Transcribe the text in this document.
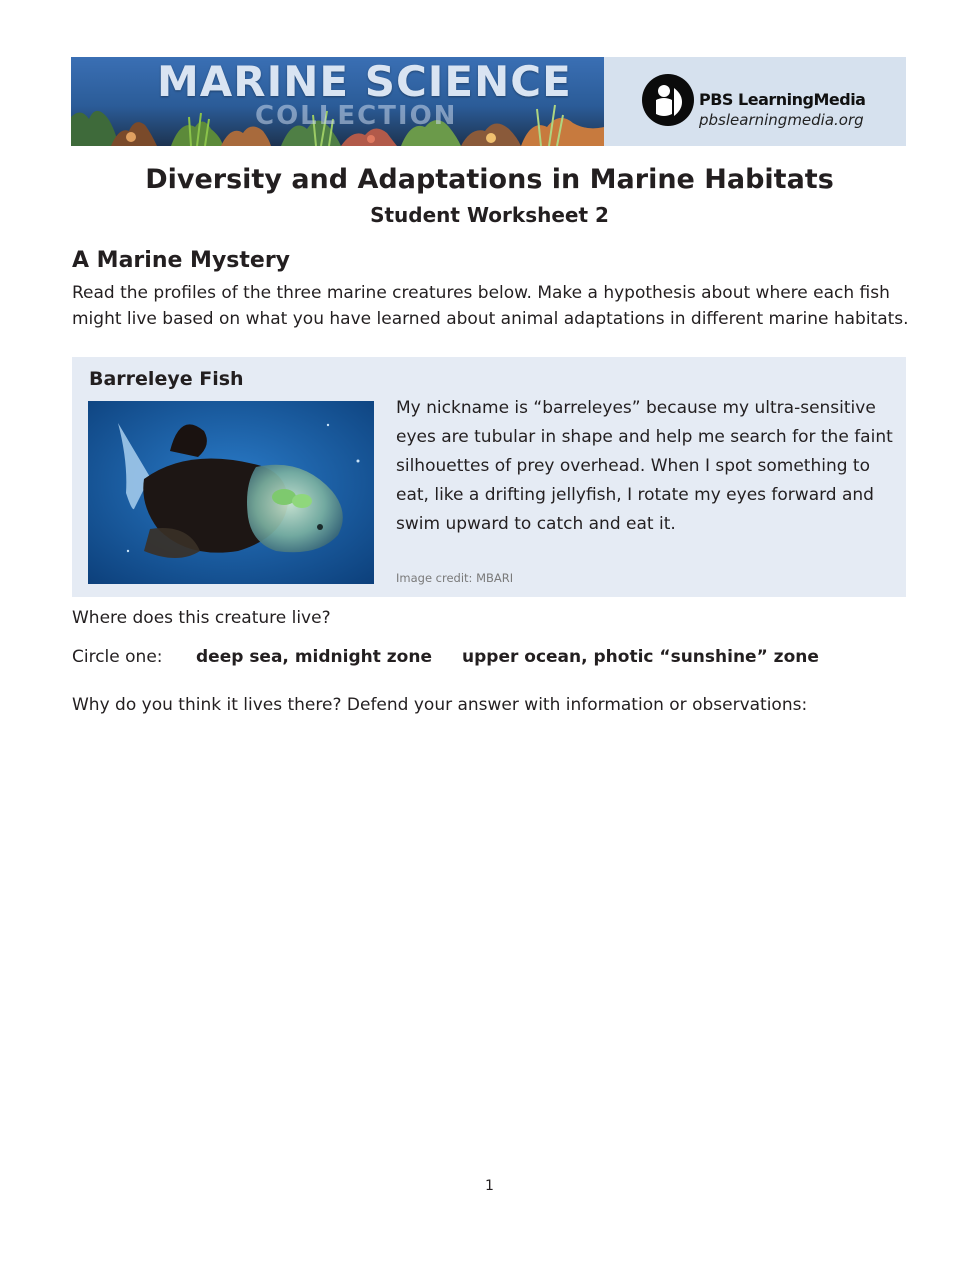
MARINE SCIENCE
COLLECTION
PBS LearningMedia
pbslearningmedia.org
Diversity and Adaptations in Marine Habitats
Student Worksheet 2
A Marine Mystery

Read the profiles of the three marine creatures below. Make a hypothesis about where each fish might live based on what you have learned about animal adaptations in different marine habitats.

Barreleye Fish

My nickname is “barreleyes” because my ultra-sensitive eyes are tubular in shape and help me search for the faint silhouettes of prey overhead. When I spot something to eat, like a drifting jellyfish, I rotate my eyes forward and swim upward to catch and eat it.

Image credit: MBARI

Where does this creature live?

Circle one: deep sea, midnight zone upper ocean, photic “sunshine” zone

Why do you think it lives there? Defend your answer with information or observations:

1
